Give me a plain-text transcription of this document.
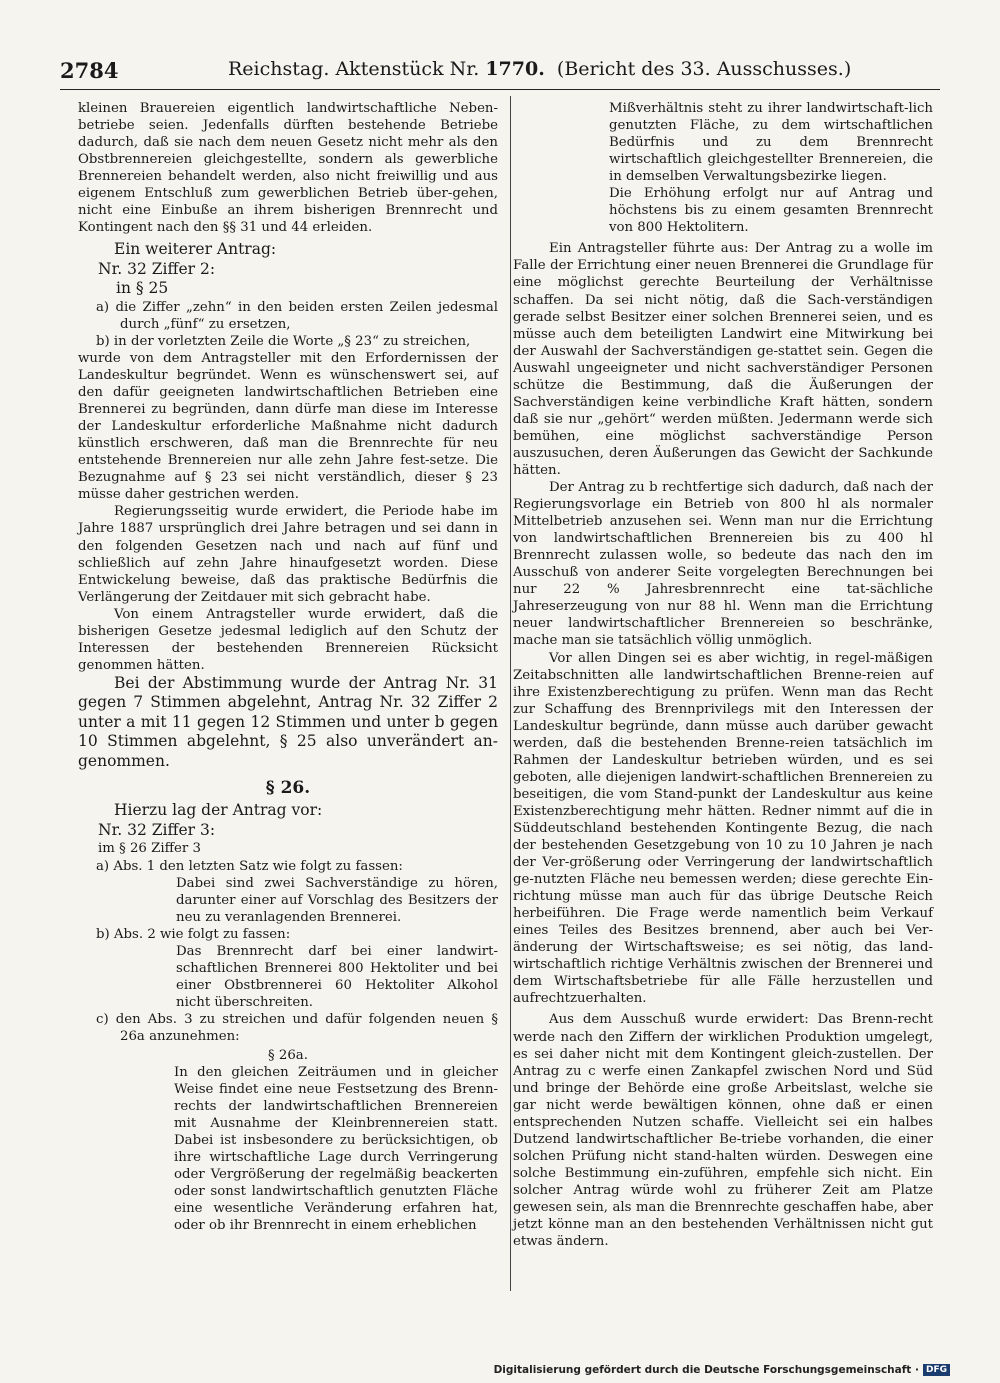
2784	Reichstag. Aktenstück Nr. 1770. (Bericht des 33. Ausschusses.)

kleinen Brauereien eigentlich landwirtschaftliche Neben-betriebe seien. Jedenfalls dürften bestehende Betriebe dadurch, daß sie nach dem neuen Gesetz nicht mehr als den Obstbrennereien gleichgestellte, sondern als gewerbliche Brennereien behandelt werden, also nicht freiwillig und aus eigenem Entschluß zum gewerblichen Betrieb über-gehen, nicht eine Einbuße an ihrem bisherigen Brennrecht und Kontingent nach den §§ 31 und 44 erleiden.

Ein weiterer Antrag:

Nr. 32 Ziffer 2:

in § 25

a) die Ziffer „zehn“ in den beiden ersten Zeilen jedesmal durch „fünf“ zu ersetzen,

b) in der vorletzten Zeile die Worte „§ 23“ zu streichen,

wurde von dem Antragsteller mit den Erfordernissen der Landeskultur begründet. Wenn es wünschenswert sei, auf den dafür geeigneten landwirtschaftlichen Betrieben eine Brennerei zu begründen, dann dürfe man diese im Interesse der Landeskultur erforderliche Maßnahme nicht dadurch künstlich erschweren, daß man die Brennrechte für neu entstehende Brennereien nur alle zehn Jahre fest-setze. Die Bezugnahme auf § 23 sei nicht verständlich, dieser § 23 müsse daher gestrichen werden.

Regierungsseitig wurde erwidert, die Periode habe im Jahre 1887 ursprünglich drei Jahre betragen und sei dann in den folgenden Gesetzen nach und nach auf fünf und schließlich auf zehn Jahre hinaufgesetzt worden. Diese Entwickelung beweise, daß das praktische Bedürfnis die Verlängerung der Zeitdauer mit sich gebracht habe.

Von einem Antragsteller wurde erwidert, daß die bisherigen Gesetze jedesmal lediglich auf den Schutz der Interessen der bestehenden Brennereien Rücksicht genommen hätten.

Bei der Abstimmung wurde der Antrag Nr. 31 gegen 7 Stimmen abgelehnt, Antrag Nr. 32 Ziffer 2 unter a mit 11 gegen 12 Stimmen und unter b gegen 10 Stimmen abgelehnt, § 25 also unverändert an-genommen.

§ 26.

Hierzu lag der Antrag vor:

Nr. 32 Ziffer 3:

im § 26 Ziffer 3

a) Abs. 1 den letzten Satz wie folgt zu fassen:

Dabei sind zwei Sachverständige zu hören, darunter einer auf Vorschlag des Besitzers der neu zu veranlagenden Brennerei.

b) Abs. 2 wie folgt zu fassen:

Das Brennrecht darf bei einer landwirt-schaftlichen Brennerei 800 Hektoliter und bei einer Obstbrennerei 60 Hektoliter Alkohol nicht überschreiten.

c) den Abs. 3 zu streichen und dafür folgenden neuen § 26a anzunehmen:

§ 26a.

In den gleichen Zeiträumen und in gleicher Weise findet eine neue Festsetzung des Brenn-rechts der landwirtschaftlichen Brennereien mit Ausnahme der Kleinbrennereien statt. Dabei ist insbesondere zu berücksichtigen, ob ihre wirtschaftliche Lage durch Verringerung oder Vergrößerung der regelmäßig beackerten oder sonst landwirtschaftlich genutzten Fläche eine wesentliche Veränderung erfahren hat, oder ob ihr Brennrecht in einem erheblichen

Mißverhältnis steht zu ihrer landwirtschaft-lich genutzten Fläche, zu dem wirtschaftlichen Bedürfnis und zu dem Brennrecht wirtschaftlich gleichgestellter Brennereien, die in demselben Verwaltungsbezirke liegen.

Die Erhöhung erfolgt nur auf Antrag und höchstens bis zu einem gesamten Brennrecht von 800 Hektolitern.

Ein Antragsteller führte aus: Der Antrag zu a wolle im Falle der Errichtung einer neuen Brennerei die Grundlage für eine möglichst gerechte Beurteilung der Verhältnisse schaffen. Da sei nicht nötig, daß die Sach-verständigen gerade selbst Besitzer einer solchen Brennerei seien, und es müsse auch dem beteiligten Landwirt eine Mitwirkung bei der Auswahl der Sachverständigen ge-stattet sein. Gegen die Auswahl ungeeigneter und nicht sachverständiger Personen schütze die Bestimmung, daß die Äußerungen der Sachverständigen keine verbindliche Kraft hätten, sondern daß sie nur „gehört“ werden müßten. Jedermann werde sich bemühen, eine möglichst sachverständige Person auszusuchen, deren Äußerungen das Gewicht der Sachkunde hätten.

Der Antrag zu b rechtfertige sich dadurch, daß nach der Regierungsvorlage ein Betrieb von 800 hl als normaler Mittelbetrieb anzusehen sei. Wenn man nur die Errichtung von landwirtschaftlichen Brennereien bis zu 400 hl Brennrecht zulassen wolle, so bedeute das nach den im Ausschuß von anderer Seite vorgelegten Berechnungen bei nur 22 % Jahresbrennrecht eine tat-sächliche Jahreserzeugung von nur 88 hl. Wenn man die Errichtung neuer landwirtschaftlicher Brennereien so beschränke, mache man sie tatsächlich völlig unmöglich.

Vor allen Dingen sei es aber wichtig, in regel-mäßigen Zeitabschnitten alle landwirtschaftlichen Brenne-reien auf ihre Existenzberechtigung zu prüfen. Wenn man das Recht zur Schaffung des Brennprivilegs mit den Interessen der Landeskultur begründe, dann müsse auch darüber gewacht werden, daß die bestehenden Brenne-reien tatsächlich im Rahmen der Landeskultur betrieben würden, und es sei geboten, alle diejenigen landwirt-schaftlichen Brennereien zu beseitigen, die vom Stand-punkt der Landeskultur aus keine Existenzberechtigung mehr hätten. Redner nimmt auf die in Süddeutschland bestehenden Kontingente Bezug, die nach der bestehenden Gesetzgebung von 10 zu 10 Jahren je nach der Ver-größerung oder Verringerung der landwirtschaftlich ge-nutzten Fläche neu bemessen werden; diese gerechte Ein-richtung müsse man auch für das übrige Deutsche Reich herbeiführen. Die Frage werde namentlich beim Verkauf eines Teiles des Besitzes brennend, aber auch bei Ver-änderung der Wirtschaftsweise; es sei nötig, das land-wirtschaftlich richtige Verhältnis zwischen der Brennerei und dem Wirtschaftsbetriebe für alle Fälle herzustellen und aufrechtzuerhalten.

Aus dem Ausschuß wurde erwidert: Das Brenn-recht werde nach den Ziffern der wirklichen Produktion umgelegt, es sei daher nicht mit dem Kontingent gleich-zustellen. Der Antrag zu c werfe einen Zankapfel zwischen Nord und Süd und bringe der Behörde eine große Arbeitslast, welche sie gar nicht werde bewältigen können, ohne daß er einen entsprechenden Nutzen schaffe. Vielleicht sei ein halbes Dutzend landwirtschaftlicher Be-triebe vorhanden, die einer solchen Prüfung nicht stand-halten würden. Deswegen eine solche Bestimmung ein-zuführen, empfehle sich nicht. Ein solcher Antrag würde wohl zu früherer Zeit am Platze gewesen sein, als man die Brennrechte geschaffen habe, aber jetzt könne man an den bestehenden Verhältnissen nicht gut etwas ändern.

Digitalisierung gefördert durch die Deutsche Forschungsgemeinschaft · DFG
